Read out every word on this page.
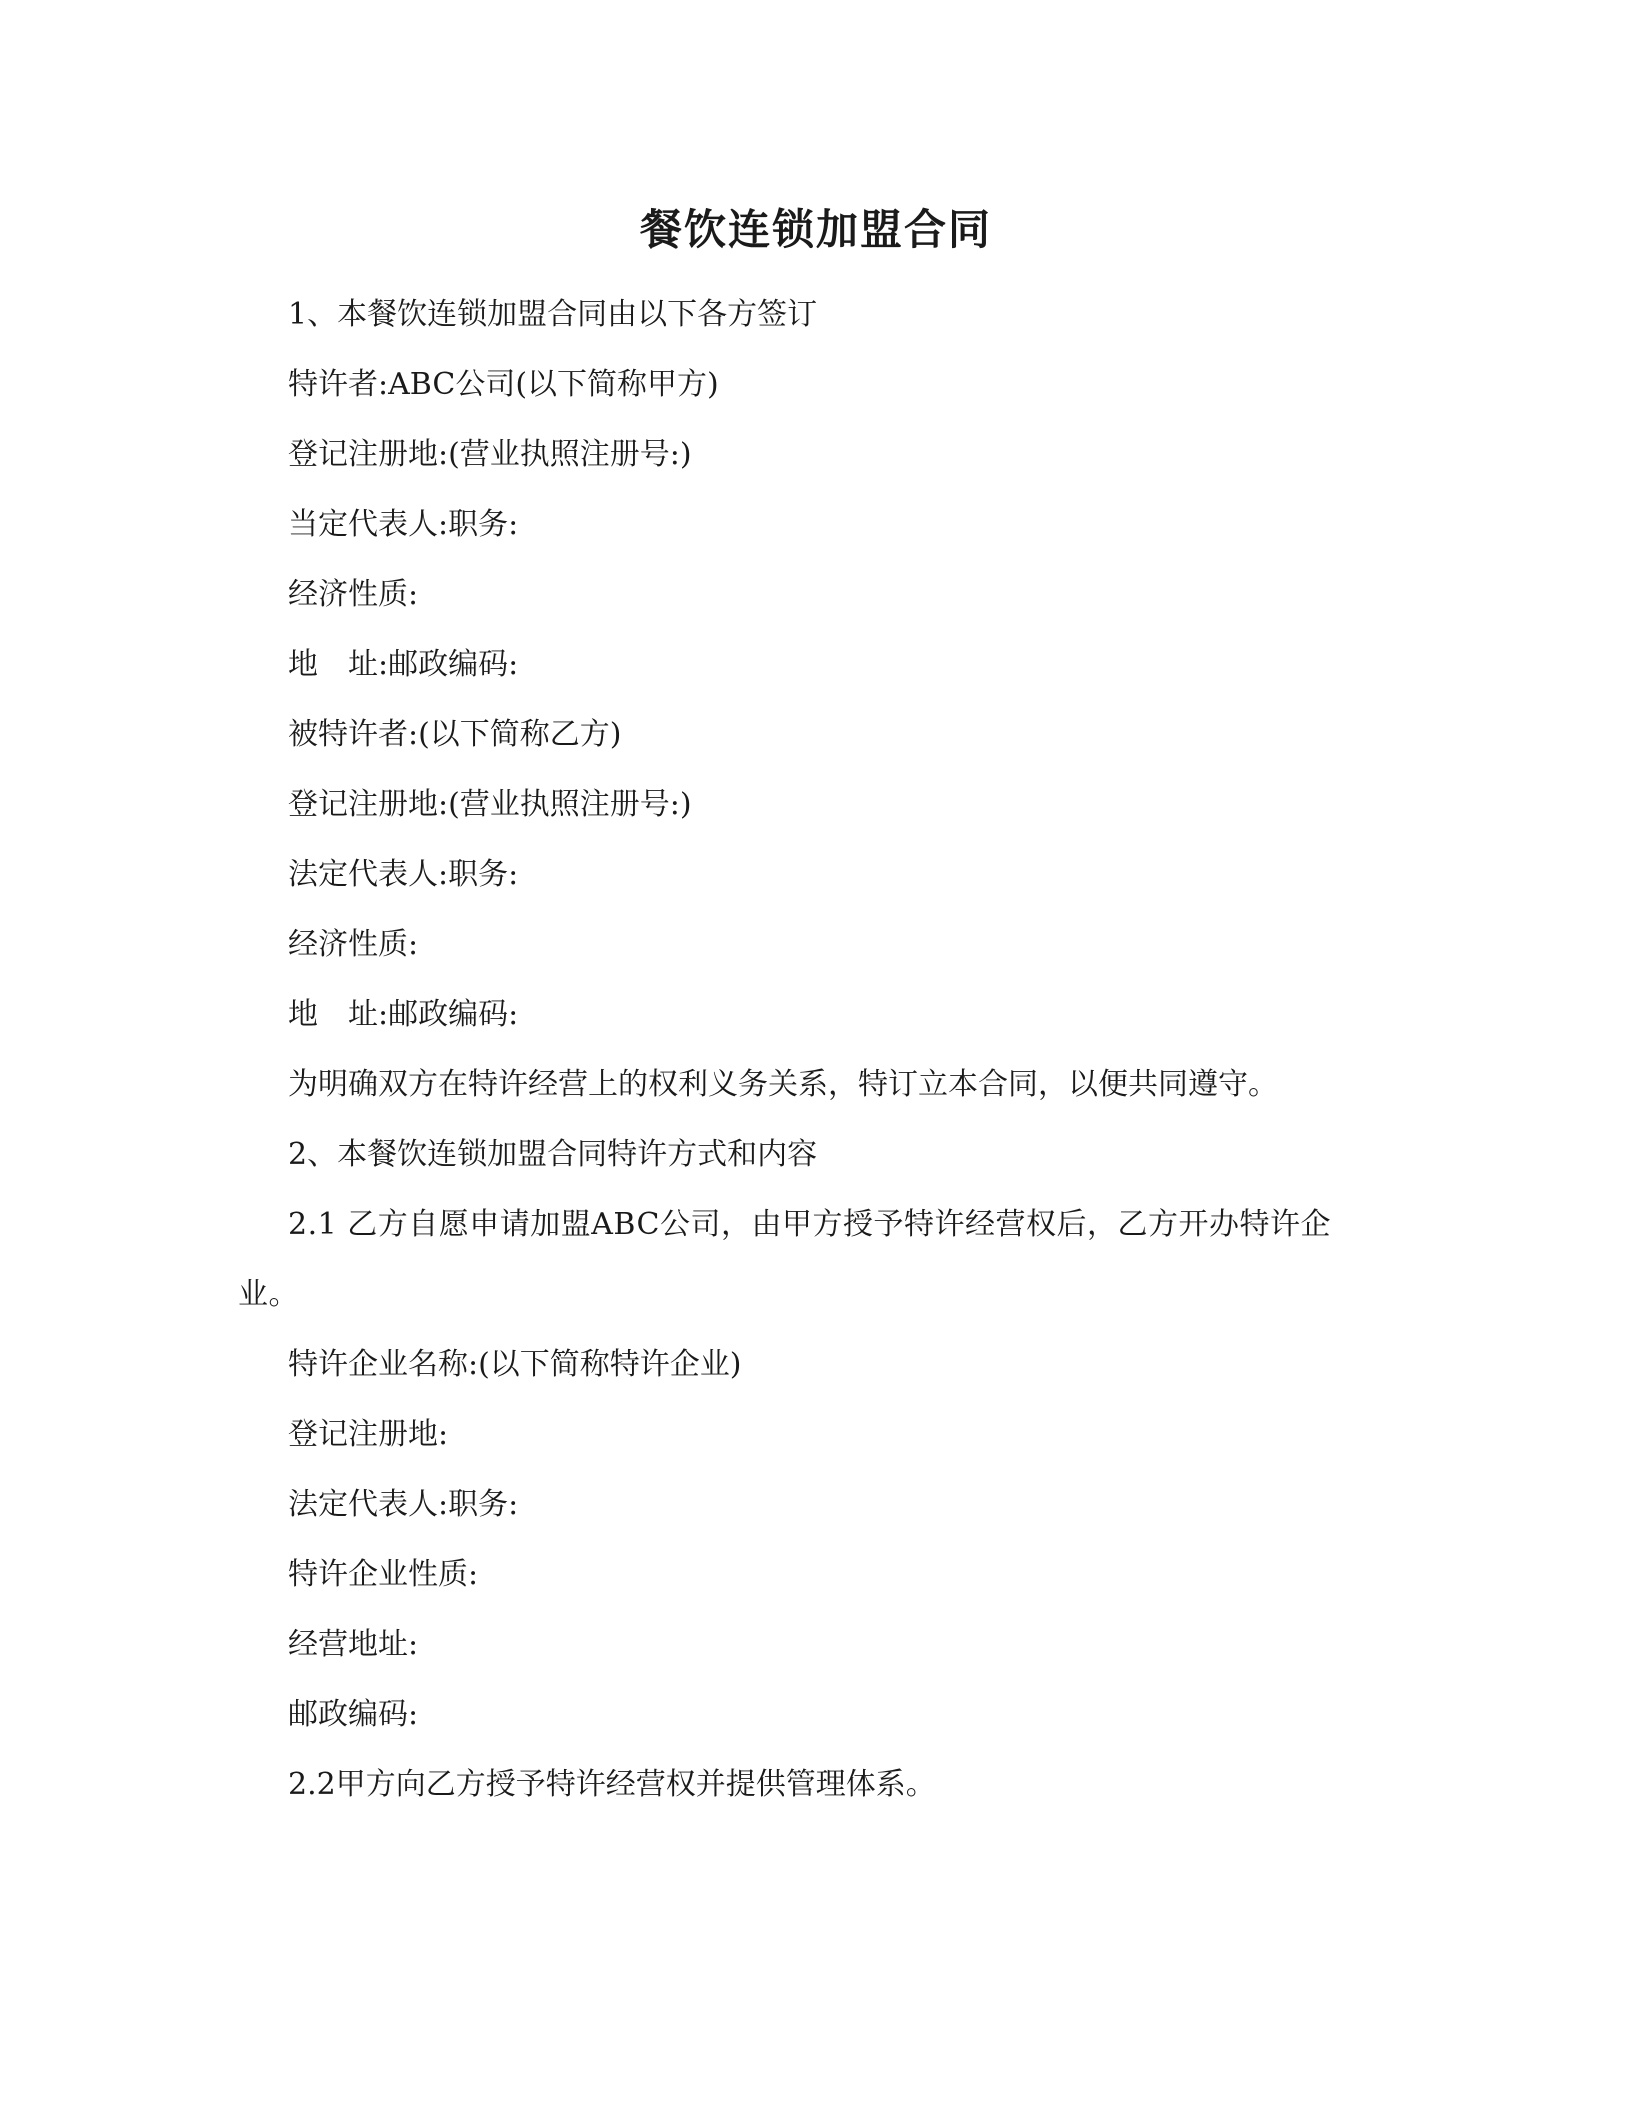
餐饮连锁加盟合同
1、本餐饮连锁加盟合同由以下各方签订
特许者:ABC公司(以下简称甲方)
登记注册地:(营业执照注册号:)
当定代表人:职务:
经济性质:
地　址:邮政编码:
被特许者:(以下简称乙方)
登记注册地:(营业执照注册号:)
法定代表人:职务:
经济性质:
地　址:邮政编码:
为明确双方在特许经营上的权利义务关系，特订立本合同，以便共同遵守。
2、本餐饮连锁加盟合同特许方式和内容
2.1 乙方自愿申请加盟ABC公司，由甲方授予特许经营权后，乙方开办特许企业。
特许企业名称:(以下简称特许企业)
登记注册地:
法定代表人:职务:
特许企业性质:
经营地址:
邮政编码:
2.2甲方向乙方授予特许经营权并提供管理体系。
